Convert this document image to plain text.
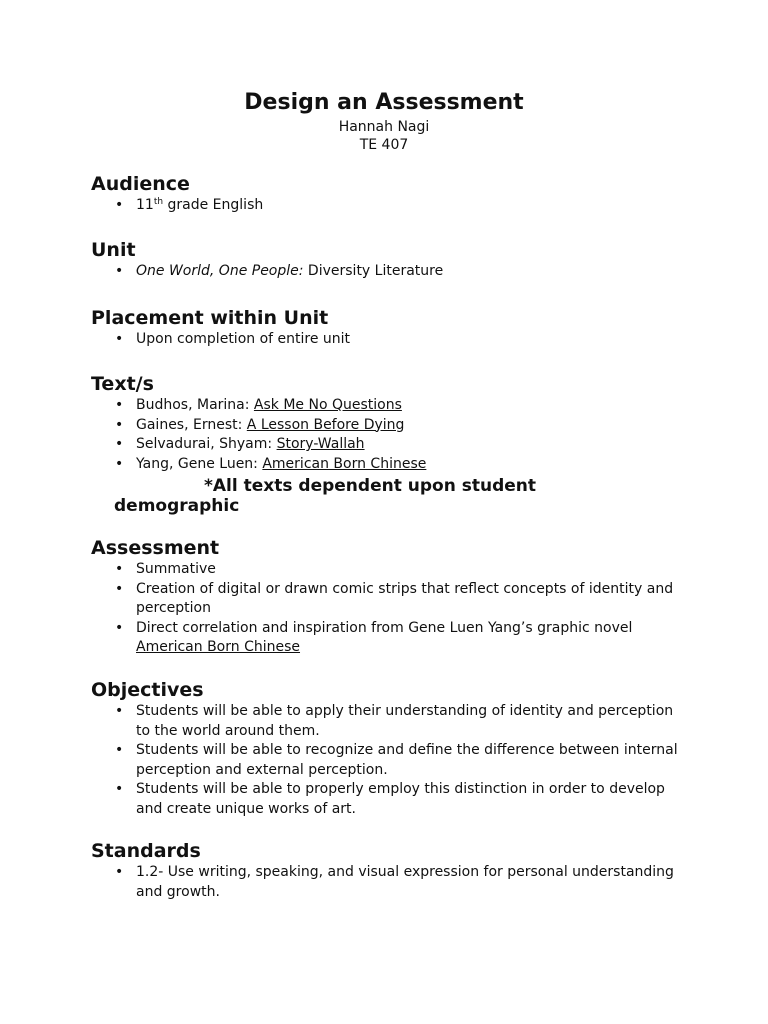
Design an Assessment
Hannah Nagi
TE 407
Audience
• 11th grade English
Unit
• One World, One People: Diversity Literature
Placement within Unit
• Upon completion of entire unit
Text/s
• Budhos, Marina: Ask Me No Questions
• Gaines, Ernest: A Lesson Before Dying
• Selvadurai, Shyam: Story-Wallah
• Yang, Gene Luen: American Born Chinese
*All texts dependent upon student
demographic
Assessment
• Summative
• Creation of digital or drawn comic strips that reflect concepts of identity and perception
• Direct correlation and inspiration from Gene Luen Yang’s graphic novel American Born Chinese
Objectives
• Students will be able to apply their understanding of identity and perception to the world around them.
• Students will be able to recognize and define the difference between internal perception and external perception.
• Students will be able to properly employ this distinction in order to develop and create unique works of art.
Standards
• 1.2- Use writing, speaking, and visual expression for personal understanding and growth.
